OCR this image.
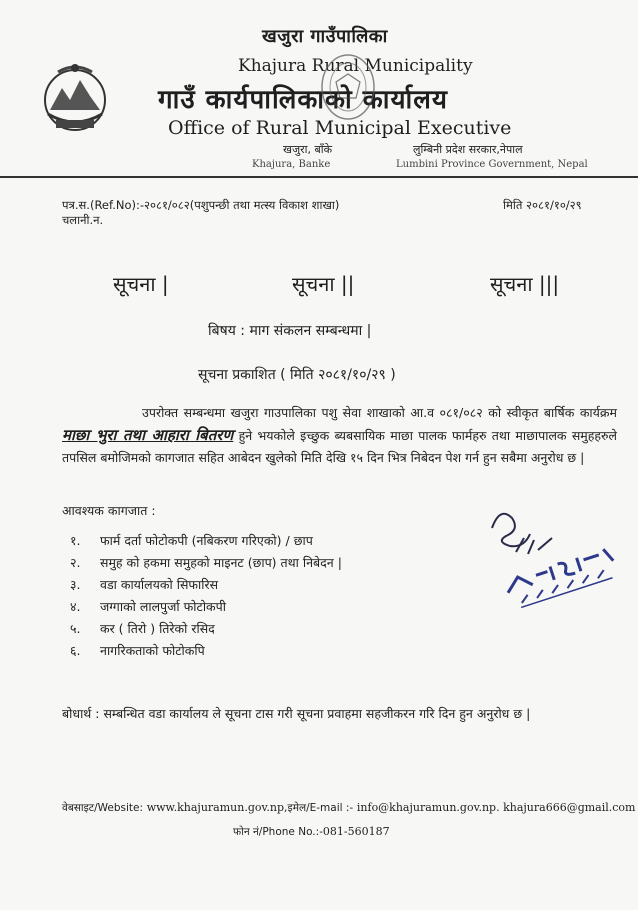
खजुरा गाउँपालिका
Khajura Rural Municipality
गाउँ कार्यपालिकाको कार्यालय
Office of Rural Municipal Executive
खजुरा, बाँके
Khajura, Banke
लुम्बिनी प्रदेश सरकार,नेपाल
Lumbini Province Government, Nepal
पत्र.स.(Ref.No):-२०८१/०८२(पशुपन्छी तथा मत्स्य विकाश शाखा)
चलानी.न.
मिति २०८१/१०/२९
सूचना |	सूचना ||	सूचना |||
बिषय : माग संकलन सम्बन्धमा |
सूचना प्रकाशित ( मिति २०८१/१०/२९ )
उपरोक्त सम्बन्धमा खजुरा गाउपालिका पशु सेवा शाखाको आ.व ०८१/०८२ को स्वीकृत बार्षिक कार्यक्रम माछा भुरा तथा आहारा बितरण हुने भयकोले इच्छुक ब्यबसायिक माछा पालक फार्महरु तथा माछापालक समुहहरुले तपसिल बमोजिमको कागजात सहित आबेदन खुलेको मिति देखि १५ दिन भित्र निबेदन पेश गर्न हुन सबैमा अनुरोध छ |
आवश्यक कागजात :
१. फार्म दर्ता फोटोकपी (नबिकरण गरिएको) / छाप
२. समुह को हकमा समुहको माइनट (छाप) तथा निबेदन |
३. वडा कार्यालयको सिफारिस
४. जग्गाको लालपुर्जा फोटोकपी
५. कर ( तिरो ) तिरेको रसिद
६. नागरिकताको फोटोकपि
बोधार्थ : सम्बन्धित वडा कार्यालय ले सूचना टास गरी सूचना प्रवाहमा सहजीकरन गरि दिन हुन अनुरोध छ |
वेबसाइट/Website: www.khajuramun.gov.np,इमेल/E-mail :- info@khajuramun.gov.np. khajura666@gmail.com
फोन नं/Phone No.:-081-560187
